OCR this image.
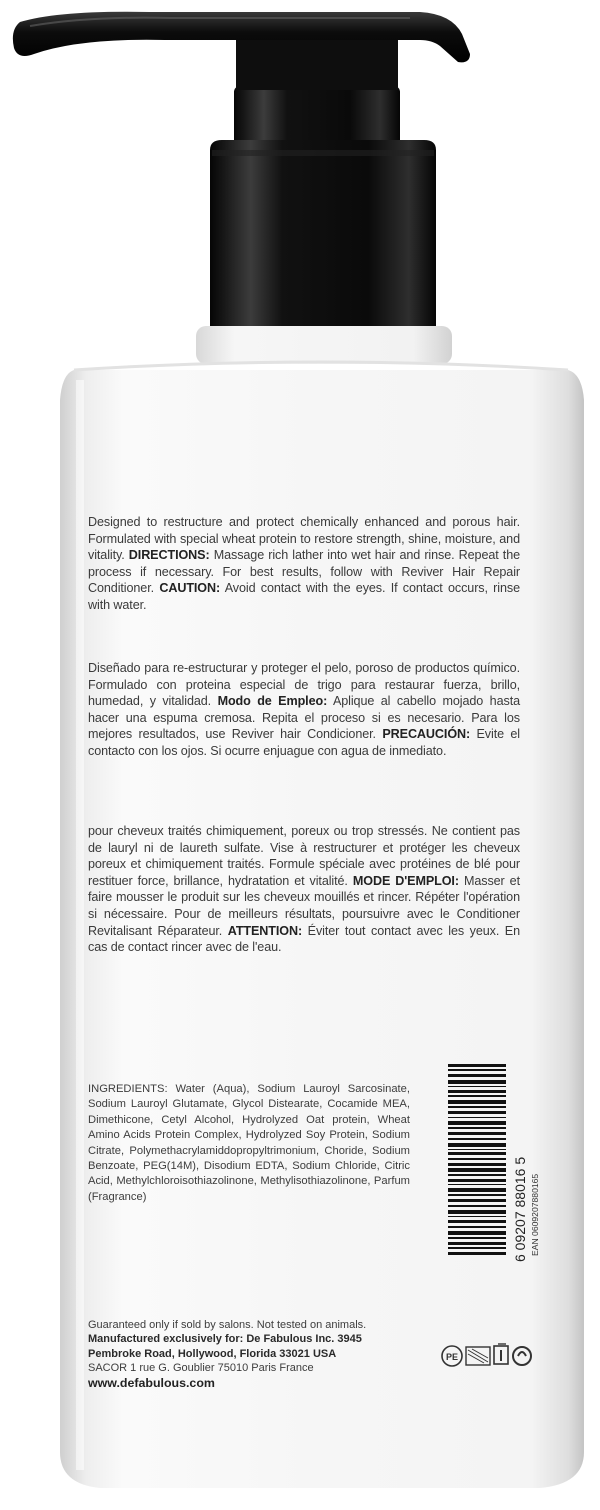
PE
Designed to restructure and protect chemically enhanced and porous hair. Formulated with special wheat protein to restore strength, shine, moisture, and vitality. DIRECTIONS: Massage rich lather into wet hair and rinse. Repeat the process if necessary. For best results, follow with Reviver Hair Repair Conditioner. CAUTION: Avoid contact with the eyes. If contact occurs, rinse with water.
Diseñado para re-estructurar y proteger el pelo, poroso de productos químico. Formulado con proteina especial de trigo para restaurar fuerza, brillo, humedad, y vitalidad. Modo de Empleo: Aplique al cabello mojado hasta hacer una espuma cremosa. Repita el proceso si es necesario. Para los mejores resultados, use Reviver hair Condicioner. PRECAUCIÓN: Evite el contacto con los ojos. Si ocurre enjuague con agua de inmediato.
pour cheveux traités chimiquement, poreux ou trop stressés. Ne contient pas de lauryl ni de laureth sulfate. Vise à restructurer et protéger les cheveux poreux et chimiquement traités. Formule spéciale avec protéines de blé pour restituer force, brillance, hydratation et vitalité. MODE D'EMPLOI: Masser et faire mousser le produit sur les cheveux mouillés et rincer. Répéter l'opération si nécessaire. Pour de meilleurs résultats, poursuivre avec le Conditioner Revitalisant Réparateur. ATTENTION: Éviter tout contact avec les yeux. En cas de contact rincer avec de l'eau.
INGREDIENTS: Water (Aqua), Sodium Lauroyl Sarcosinate, Sodium Lauroyl Glutamate, Glycol Distearate, Cocamide MEA, Dimethicone, Cetyl Alcohol, Hydrolyzed Oat protein, Wheat Amino Acids Protein Complex, Hydrolyzed Soy Protein, Sodium Citrate, Polymethacrylamiddopropyltrimonium, Choride, Sodium Benzoate, PEG(14M), Disodium EDTA, Sodium Chloride, Citric Acid, Methylchloroisothiazolinone, Methylisothiazolinone, Parfum (Fragrance)	6 09207 88016 5 EAN 0609207880165
Guaranteed only if sold by salons. Not tested on animals.
Manufactured exclusively for: De Fabulous Inc. 3945
Pembroke Road, Hollywood, Florida 33021 USA
SACOR 1 rue G. Goublier 75010 Paris France
www.defabulous.com
